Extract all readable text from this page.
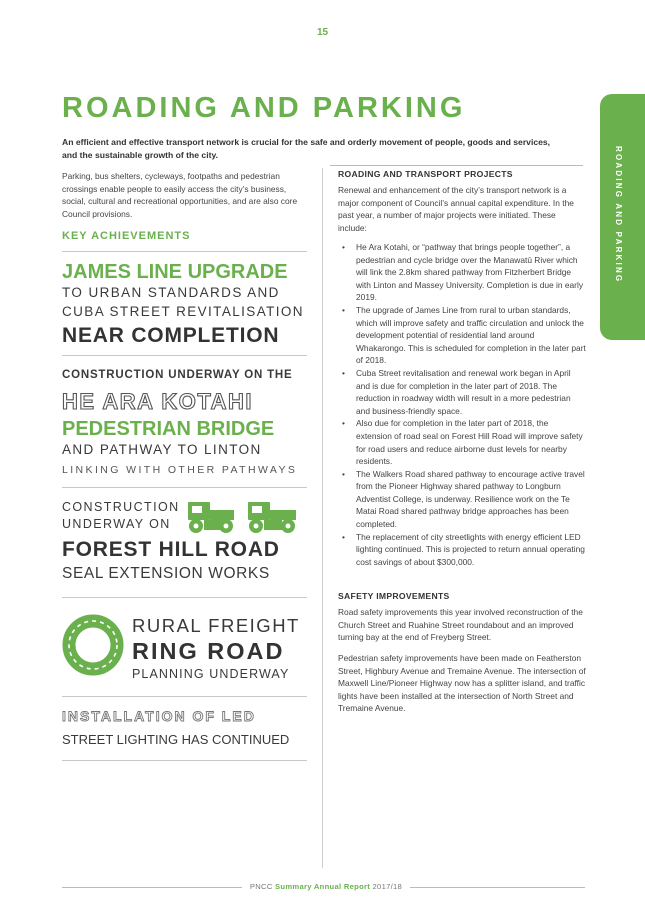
15
ROADING AND PARKING
An efficient and effective transport network is crucial for the safe and orderly movement of people, goods and services, and the sustainable growth of the city.	ROADING AND PARKING
Parking, bus shelters, cycleways, footpaths and pedestrian crossings enable people to easily access the city’s business, social, cultural and recreational opportunities, and are also core Council provisions.
KEY ACHIEVEMENTS
JAMES LINE UPGRADE
TO URBAN STANDARDS AND
CUBA STREET REVITALISATION
NEAR COMPLETION
CONSTRUCTION UNDERWAY ON THE
HE ARA KOTAHI
PEDESTRIAN BRIDGE
AND PATHWAY TO LINTON
LINKING WITH OTHER PATHWAYS
CONSTRUCTION
UNDERWAY ON
FOREST HILL ROAD
SEAL EXTENSION WORKS
RURAL FREIGHT
RING ROAD
PLANNING UNDERWAY
INSTALLATION OF LED
STREET LIGHTING HAS CONTINUED
ROADING AND TRANSPORT PROJECTS
Renewal and enhancement of the city’s transport network is a major component of Council’s annual capital expenditure. In the past year, a number of major projects were initiated. These include:
• He Ara Kotahi, or “pathway that brings people together”, a pedestrian and cycle bridge over the Manawatū River which will link the 2.8km shared pathway from Fitzherbert Bridge with Linton and Massey University. Completion is due in early 2019.
• The upgrade of James Line from rural to urban standards, which will improve safety and traffic circulation and unlock the development potential of residential land around Whakarongo. This is scheduled for completion in the later part of 2018.
• Cuba Street revitalisation and renewal work began in April and is due for completion in the later part of 2018. The reduction in roadway width will result in a more pedestrian and business-friendly space.
• Also due for completion in the later part of 2018, the extension of road seal on Forest Hill Road will improve safety for road users and reduce airborne dust levels for nearby residents.
• The Walkers Road shared pathway to encourage active travel from the Pioneer Highway shared pathway to Longburn Adventist College, is underway. Resilience work on the Te Matai Road shared pathway bridge approaches has been completed.
• The replacement of city streetlights with energy efficient LED lighting continued. This is projected to return annual operating cost savings of about $300,000.
SAFETY IMPROVEMENTS
Road safety improvements this year involved reconstruction of the Church Street and Ruahine Street roundabout and an improved turning bay at the end of Freyberg Street.
Pedestrian safety improvements have been made on Featherston Street, Highbury Avenue and Tremaine Avenue. The intersection of Maxwell Line/Pioneer Highway now has a splitter island, and traffic lights have been installed at the intersection of North Street and Tremaine Avenue.
PNCC Summary Annual Report 2017/18
